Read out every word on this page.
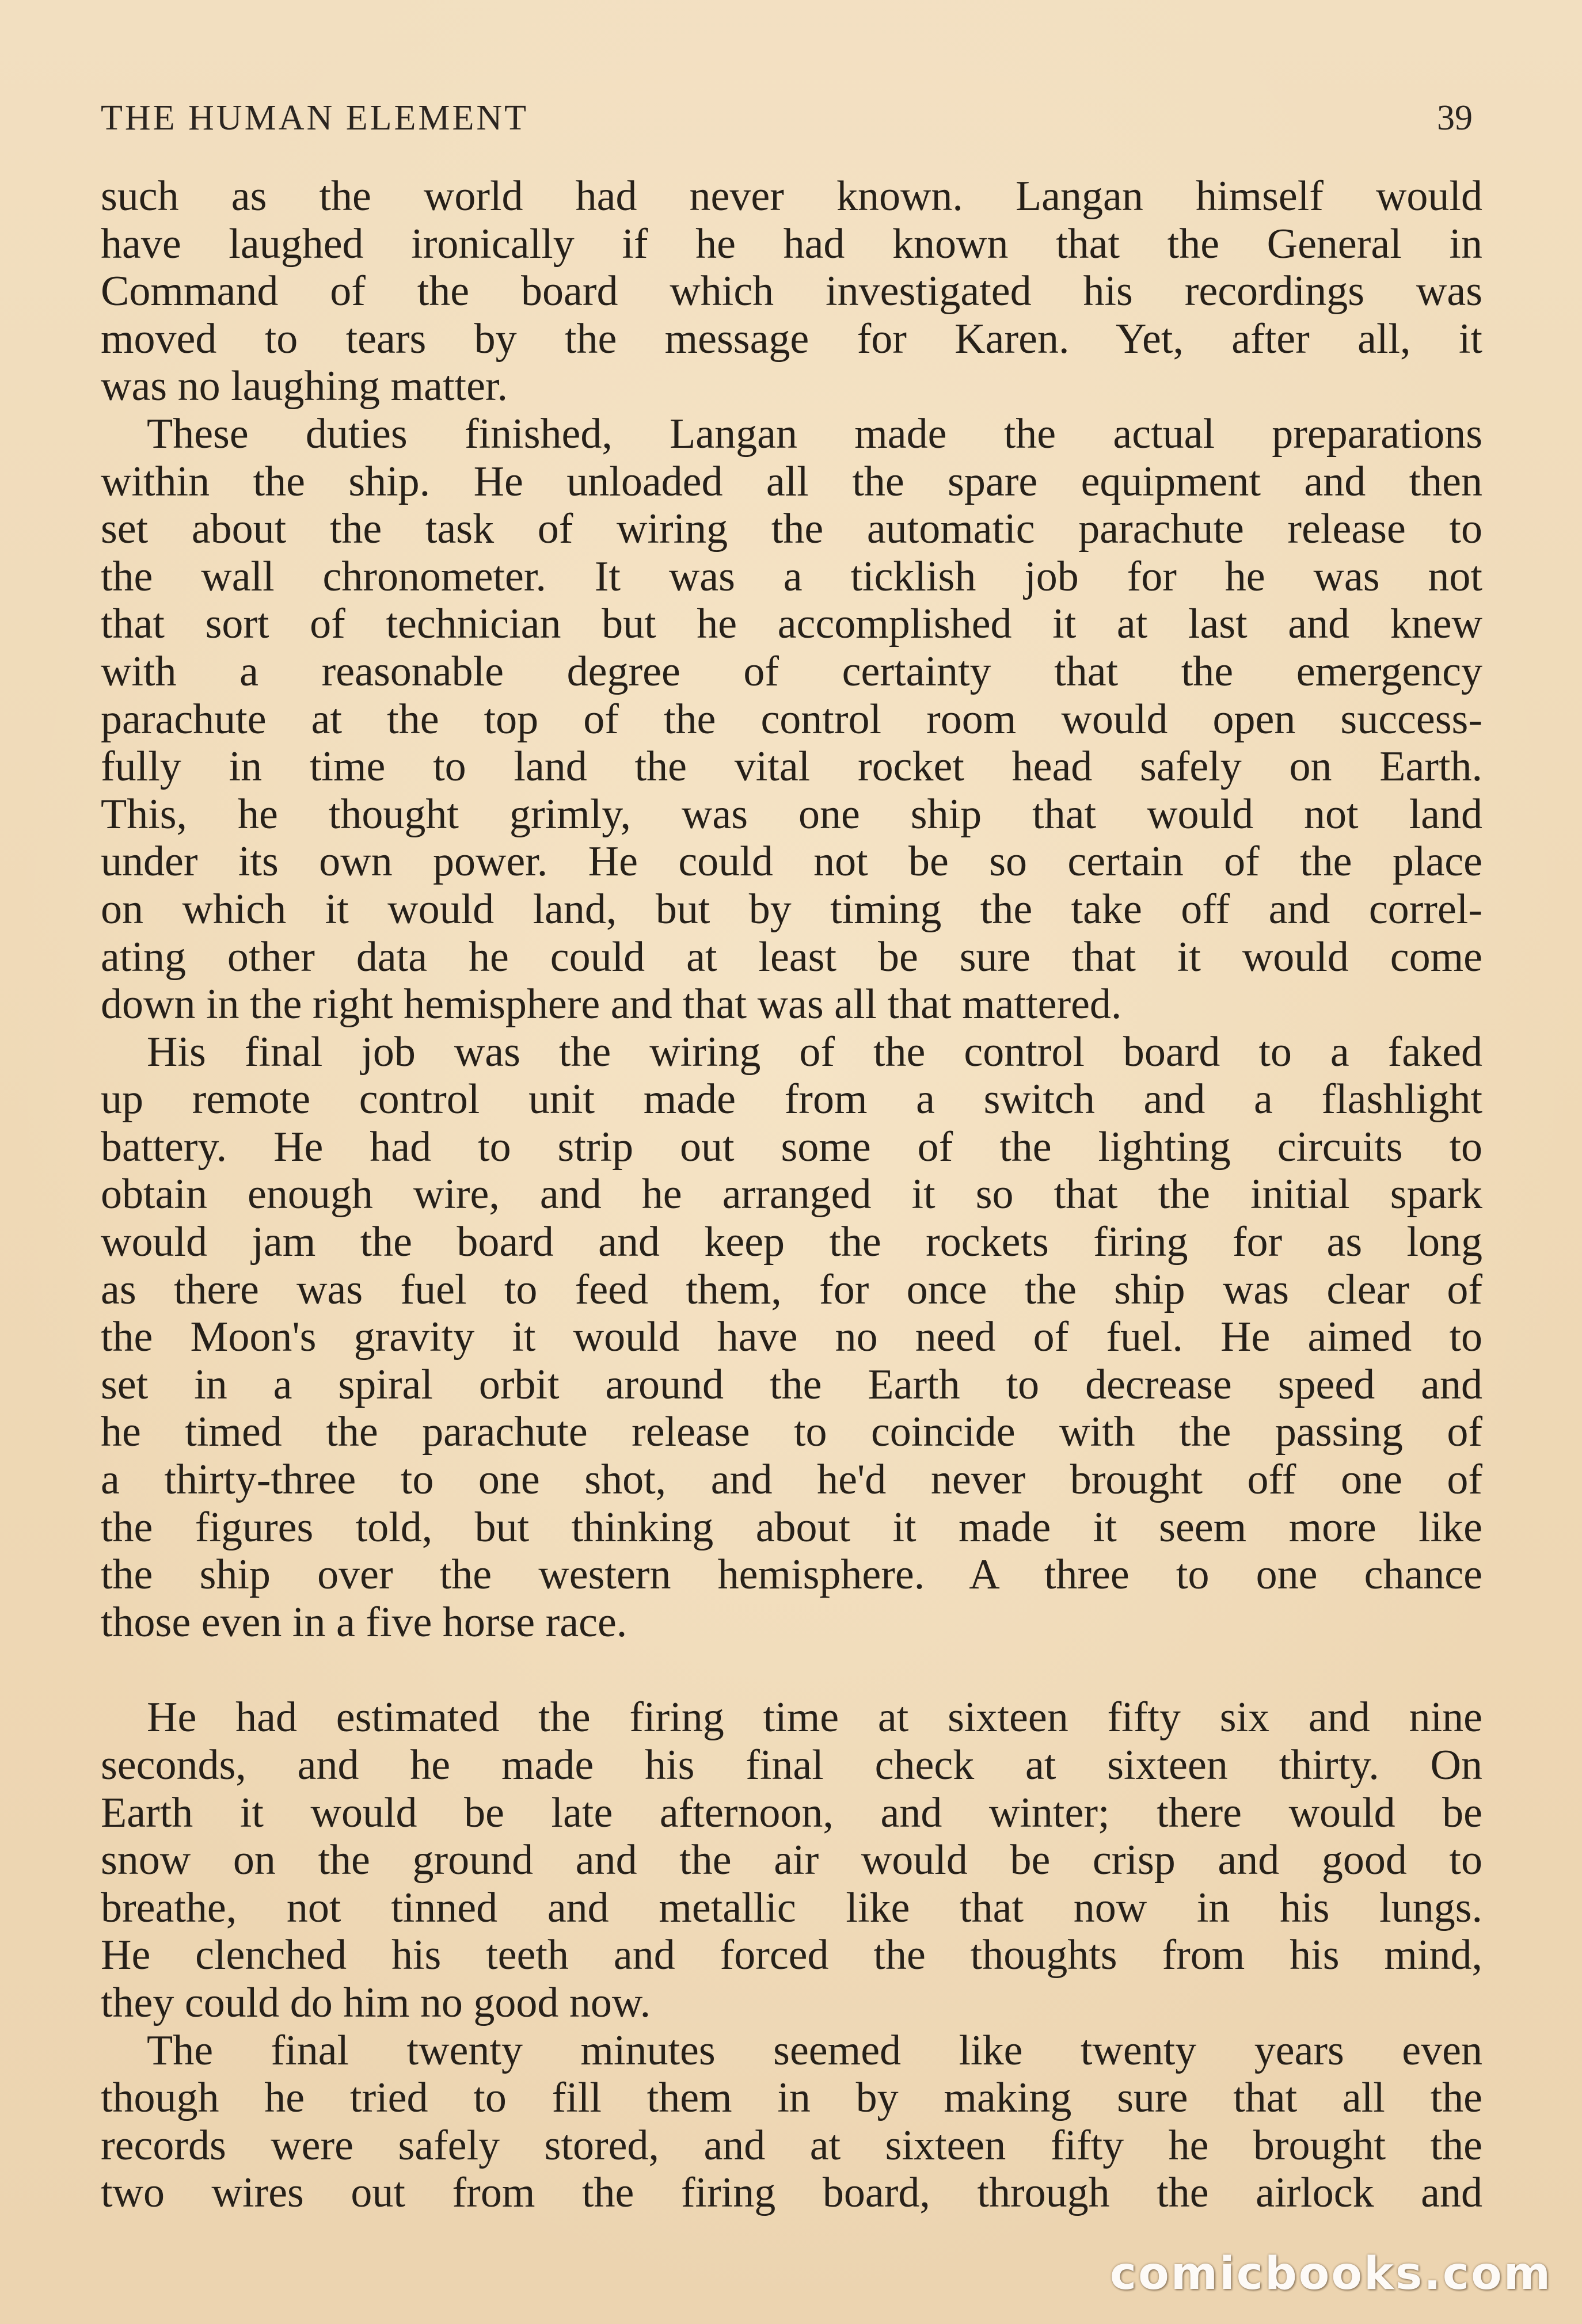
THE HUMAN ELEMENT	39
such as the world had never known. Langan himself would
have laughed ironically if he had known that the General in
Command of the board which investigated his recordings was
moved to tears by the message for Karen. Yet, after all, it
was no laughing matter.
These duties finished, Langan made the actual preparations
within the ship. He unloaded all the spare equipment and then
set about the task of wiring the automatic parachute release to
the wall chronometer. It was a ticklish job for he was not
that sort of technician but he accomplished it at last and knew
with a reasonable degree of certainty that the emergency
parachute at the top of the control room would open success-
fully in time to land the vital rocket head safely on Earth.
This, he thought grimly, was one ship that would not land
under its own power. He could not be so certain of the place
on which it would land, but by timing the take off and correl-
ating other data he could at least be sure that it would come
down in the right hemisphere and that was all that mattered.
His final job was the wiring of the control board to a faked
up remote control unit made from a switch and a flashlight
battery. He had to strip out some of the lighting circuits to
obtain enough wire, and he arranged it so that the initial spark
would jam the board and keep the rockets firing for as long
as there was fuel to feed them, for once the ship was clear of
the Moon's gravity it would have no need of fuel. He aimed to
set in a spiral orbit around the Earth to decrease speed and
he timed the parachute release to coincide with the passing of
a thirty-three to one shot, and he'd never brought off one of
the figures told, but thinking about it made it seem more like
the ship over the western hemisphere. A three to one chance
those even in a five horse race.
He had estimated the firing time at sixteen fifty six and nine
seconds, and he made his final check at sixteen thirty. On
Earth it would be late afternoon, and winter; there would be
snow on the ground and the air would be crisp and good to
breathe, not tinned and metallic like that now in his lungs.
He clenched his teeth and forced the thoughts from his mind,
they could do him no good now.
The final twenty minutes seemed like twenty years even
though he tried to fill them in by making sure that all the
records were safely stored, and at sixteen fifty he brought the
two wires out from the firing board, through the airlock and
comicbooks.com
